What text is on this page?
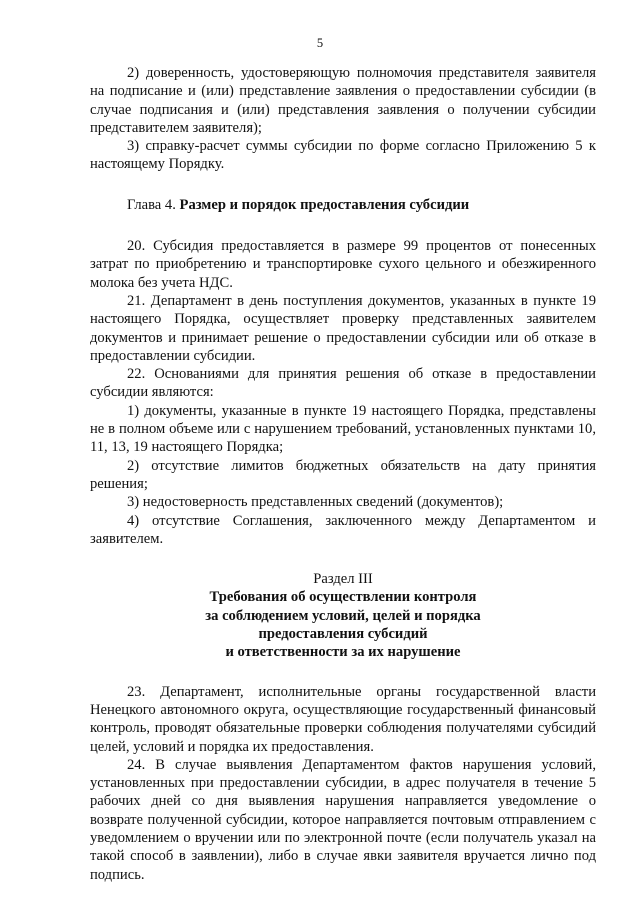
5

2) доверенность, удостоверяющую полномочия представителя заявителя на подписание и (или) представление заявления о предоставлении субсидии (в случае подписания и (или) представления заявления о получении субсидии представителем заявителя);

3) справку-расчет суммы субсидии по форме согласно Приложению 5 к настоящему Порядку.

Глава 4. Размер и порядок предоставления субсидии

20. Субсидия предоставляется в размере 99 процентов от понесенных затрат по приобретению и транспортировке сухого цельного и обезжиренного молока без учета НДС.

21. Департамент в день поступления документов, указанных в пункте 19 настоящего Порядка, осуществляет проверку представленных заявителем документов и принимает решение о предоставлении субсидии или об отказе в предоставлении субсидии.

22. Основаниями для принятия решения об отказе в предоставлении субсидии являются:

1) документы, указанные в пункте 19 настоящего Порядка, представлены не в полном объеме или с нарушением требований, установленных пунктами 10, 11, 13, 19 настоящего Порядка;

2) отсутствие лимитов бюджетных обязательств на дату принятия решения;

3) недостоверность представленных сведений (документов);

4) отсутствие Соглашения, заключенного между Департаментом и заявителем.

Раздел III

Требования об осуществлении контроля

за соблюдением условий, целей и порядка

предоставления субсидий

и ответственности за их нарушение

23. Департамент, исполнительные органы государственной власти Ненецкого автономного округа, осуществляющие государственный финансовый контроль, проводят обязательные проверки соблюдения получателями субсидий целей, условий и порядка их предоставления.

24. В случае выявления Департаментом фактов нарушения условий, установленных при предоставлении субсидии, в адрес получателя в течение 5 рабочих дней со дня выявления нарушения направляется уведомление о возврате полученной субсидии, которое направляется почтовым отправлением с уведомлением о вручении или по электронной почте (если получатель указал на такой способ в заявлении), либо в случае явки заявителя вручается лично под подпись.
